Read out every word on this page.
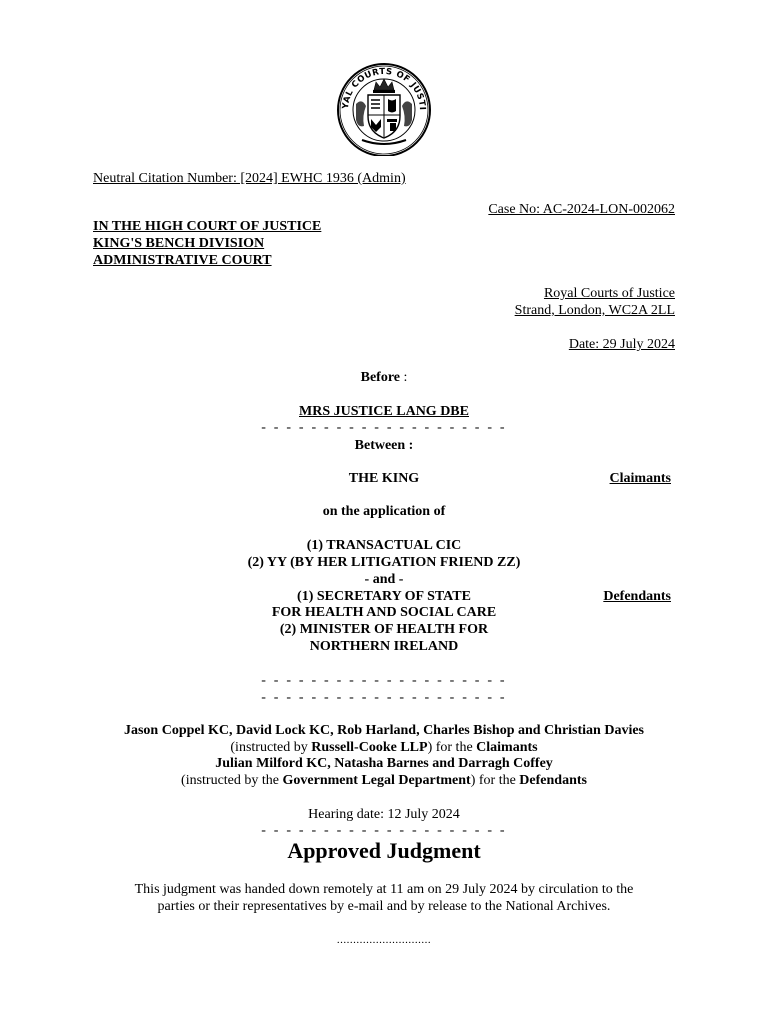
YAL COURTS OF JUSTI
Neutral Citation Number: [2024] EWHC 1936 (Admin)
Case No: AC-2024-LON-002062
IN THE HIGH COURT OF JUSTICE
KING'S BENCH DIVISION
ADMINISTRATIVE COURT
Royal Courts of Justice
Strand, London, WC2A 2LL
Date: 29 July 2024
Before :
MRS JUSTICE LANG DBE
- - - - - - - - - - - - - - - - - - - -
Between :
THE KING	Claimants
on the application of
(1) TRANSACTUAL CIC
(2) YY (BY HER LITIGATION FRIEND ZZ)
- and -
(1) SECRETARY OF STATE	Defendants
FOR HEALTH AND SOCIAL CARE
(2) MINISTER OF HEALTH FOR
NORTHERN IRELAND
- - - - - - - - - - - - - - - - - - - -
- - - - - - - - - - - - - - - - - - - -
Jason Coppel KC, David Lock KC, Rob Harland, Charles Bishop and Christian Davies
(instructed by Russell-Cooke LLP) for the Claimants
Julian Milford KC, Natasha Barnes and Darragh Coffey
(instructed by the Government Legal Department) for the Defendants
Hearing date: 12 July 2024
- - - - - - - - - - - - - - - - - - - -
Approved Judgment
This judgment was handed down remotely at 11 am on 29 July 2024 by circulation to the
parties or their representatives by e-mail and by release to the National Archives.
.............................
